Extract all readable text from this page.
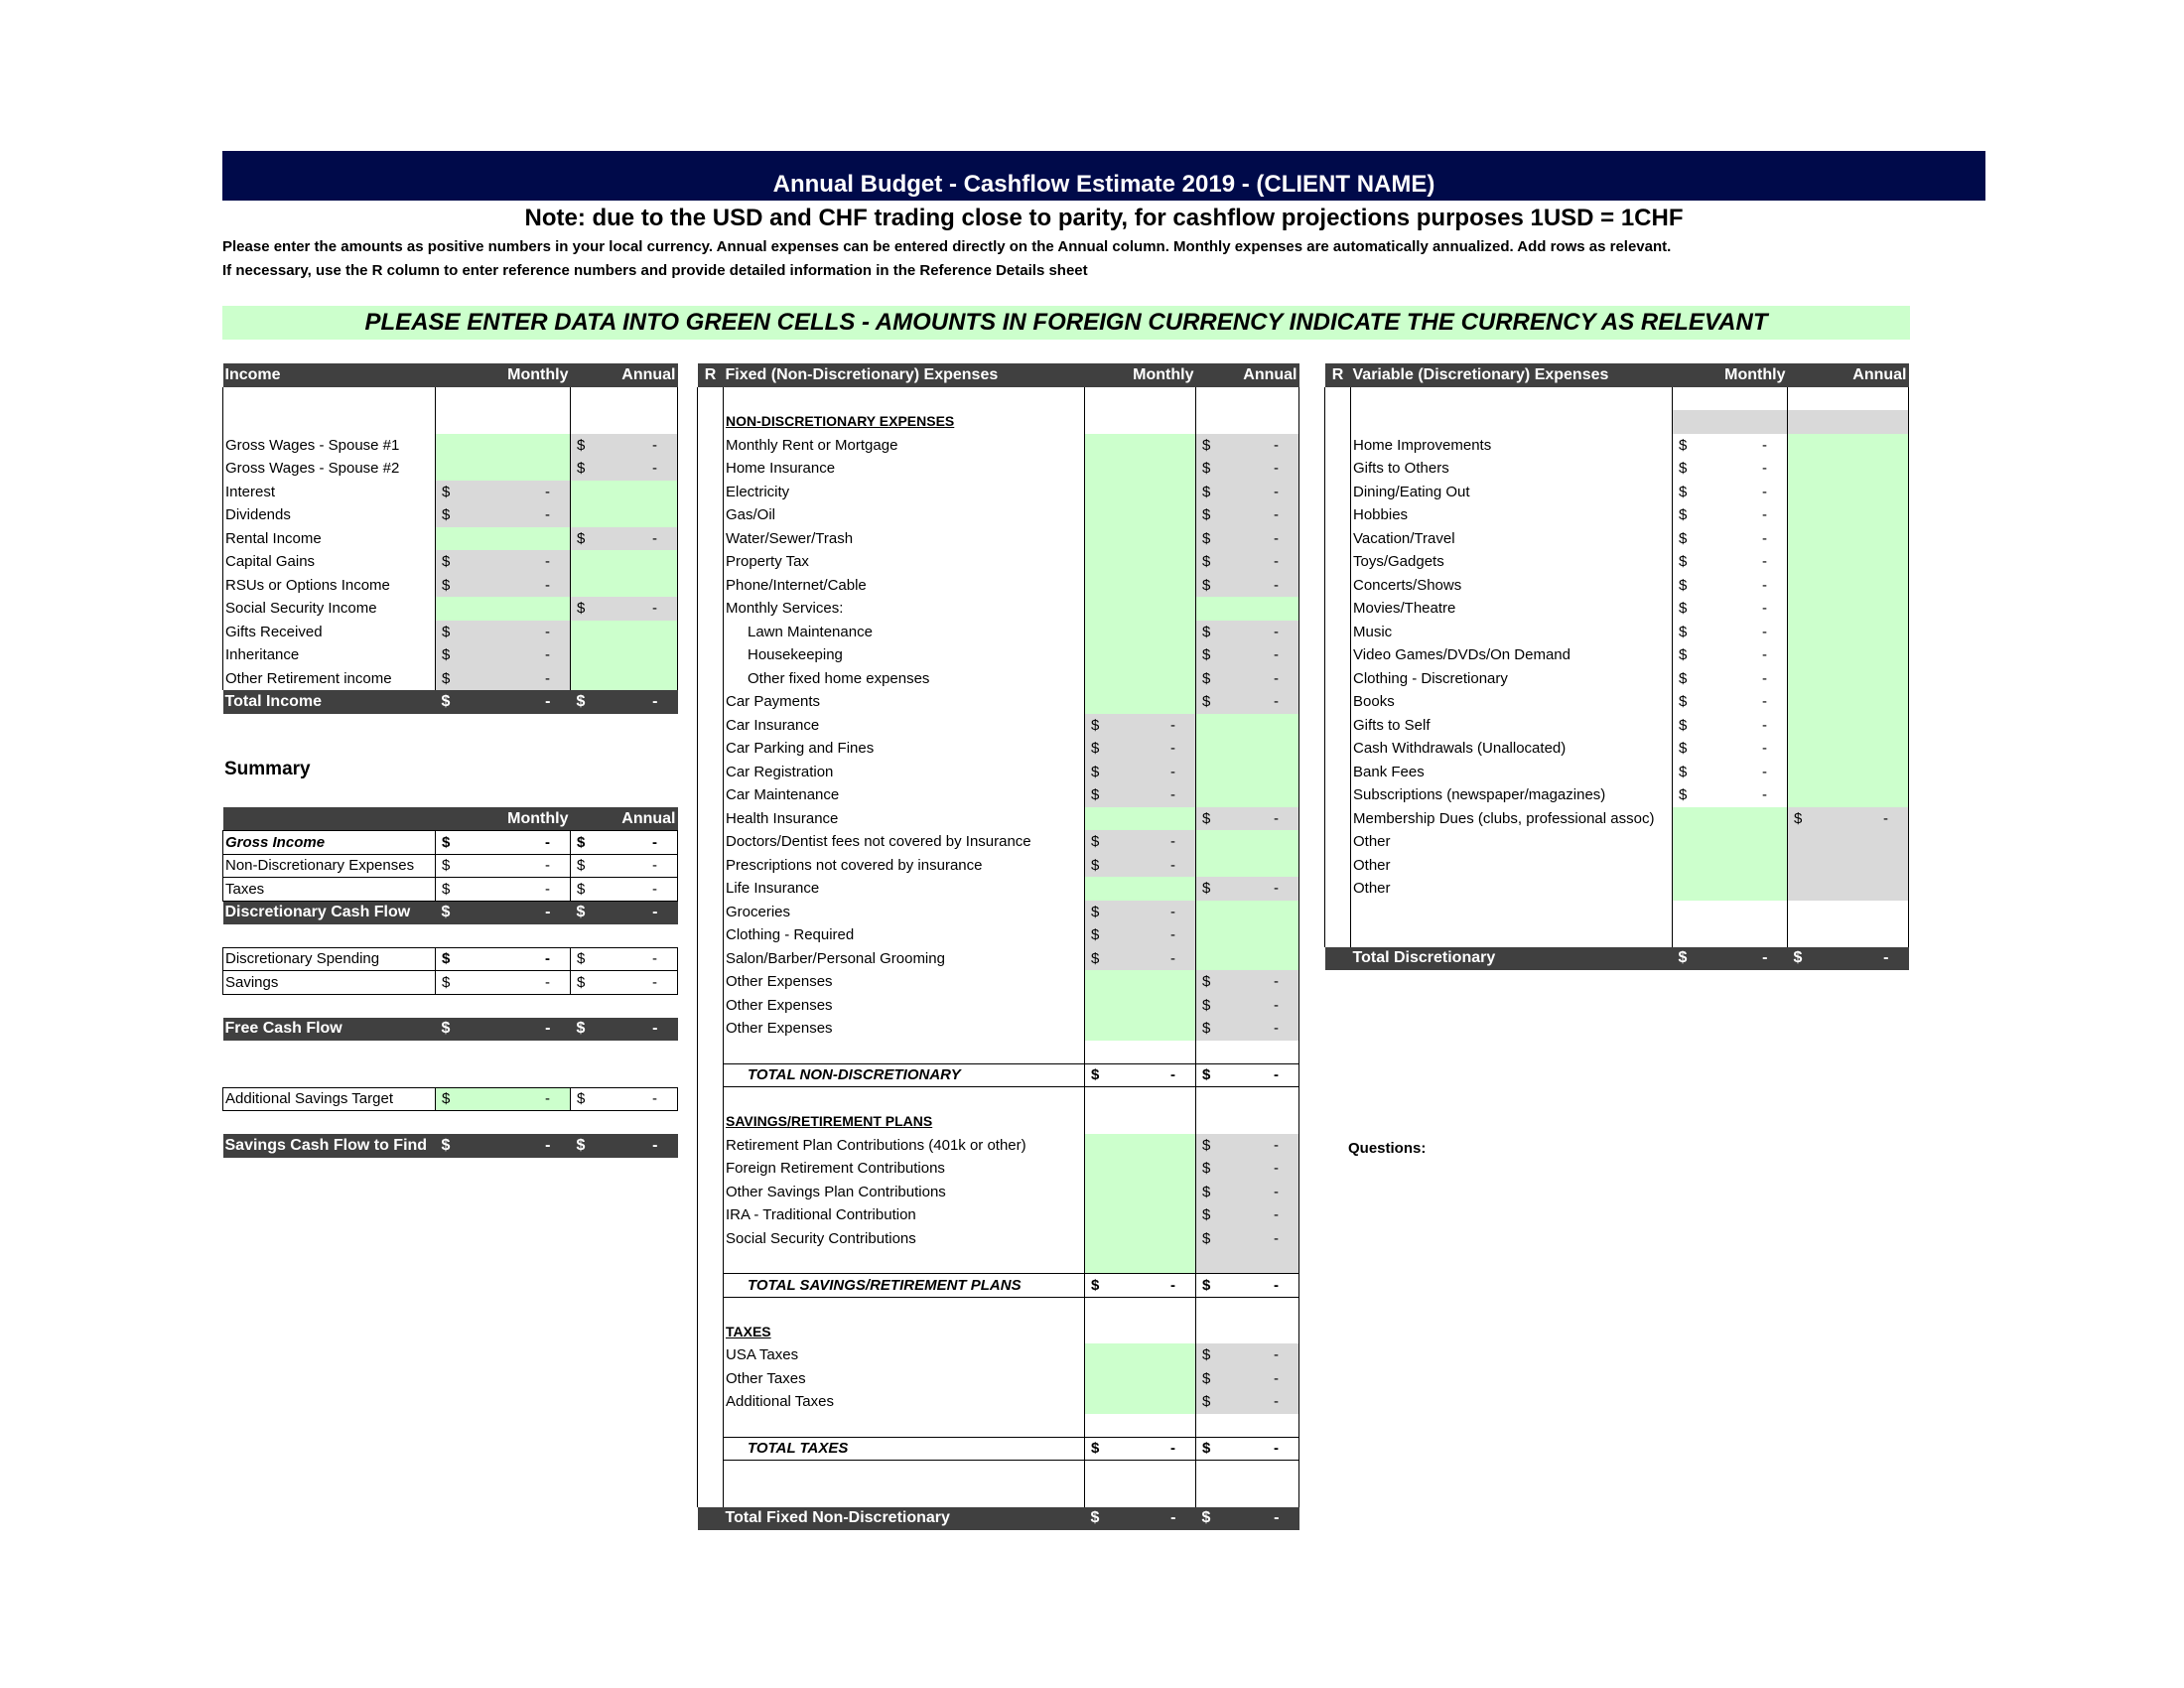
Annual Budget - Cashflow Estimate 2019 - (CLIENT NAME)
Note: due to the USD and CHF trading close to parity, for cashflow projections purposes 1USD = 1CHF
Please enter the amounts as positive numbers in your local currency. Annual expenses can be entered directly on the Annual column. Monthly expenses are automatically annualized. Add rows as relevant.
If necessary, use the R column to enter reference numbers and provide detailed information in the Reference Details sheet
PLEASE ENTER DATA INTO GREEN CELLS - AMOUNTS IN FOREIGN CURRENCY INDICATE THE CURRENCY AS RELEVANT
Income	Monthly	Annual

Gross Wages - Spouse #1		$ -

Gross Wages - Spouse #2		$ -

Interest	$ -	

Dividends	$ -	

Rental Income		$ -

Capital Gains	$ -	

RSUs or Options Income	$ -	

Social Security Income		$ -

Gifts Received	$ -	

Inheritance	$ -	

Other Retirement income	$ -	

Total Income	$ -	$ -
Summary
	Monthly	Annual
Gross Income	$ -	$ -

Non-Discretionary Expenses	$ -	$ -

Taxes	$ -	$ -

Discretionary Cash Flow	$ -	$ -

Discretionary Spending	$ -	$ -

Savings	$ -	$ -

Free Cash Flow	$ -	$ -

Additional Savings Target	$ -	$ -

Savings Cash Flow to Find	$ -	$ -
R	Fixed (Non-Discretionary) Expenses	Monthly	Annual

	NON-DISCRETIONARY EXPENSES		
	Monthly Rent or Mortgage		$ -

	Home Insurance		$ -

	Electricity		$ -

	Gas/Oil		$ -

	Water/Sewer/Trash		$ -

	Property Tax		$ -

	Phone/Internet/Cable		$ -

	Monthly Services:		
	Lawn Maintenance		$ -

	Housekeeping		$ -

	Other fixed home expenses		$ -

	Car Payments		$ -

	Car Insurance	$ -	

	Car Parking and Fines	$ -	

	Car Registration	$ -	

	Car Maintenance	$ -	

	Health Insurance		$ -

	Doctors/Dentist fees not covered by Insurance	$ -	

	Prescriptions not covered by insurance	$ -	

	Life Insurance		$ -

	Groceries	$ -	

	Clothing - Required	$ -	

	Salon/Barber/Personal Grooming	$ -	

	Other Expenses		$ -

	Other Expenses		$ -

	Other Expenses		$ -

	TOTAL NON-DISCRETIONARY	$ -	$ -

	SAVINGS/RETIREMENT PLANS		
	Retirement Plan Contributions (401k or other)		$ -

	Foreign Retirement Contributions		$ -

	Other Savings Plan Contributions		$ -

	IRA - Traditional Contribution		$ -

	Social Security Contributions		$ -

	TOTAL SAVINGS/RETIREMENT PLANS	$ -	$ -

	TAXES		
	USA Taxes		$ -

	Other Taxes		$ -

	Additional Taxes		$ -

	TOTAL TAXES	$ -	$ -

	Total Fixed Non-Discretionary	$ -	$ -
R	Variable (Discretionary) Expenses	Monthly	Annual

	Home Improvements	$ -	

	Gifts to Others	$ -	

	Dining/Eating Out	$ -	

	Hobbies	$ -	

	Vacation/Travel	$ -	

	Toys/Gadgets	$ -	

	Concerts/Shows	$ -	

	Movies/Theatre	$ -	

	Music	$ -	

	Video Games/DVDs/On Demand	$ -	

	Clothing - Discretionary	$ -	

	Books	$ -	

	Gifts to Self	$ -	

	Cash Withdrawals (Unallocated)	$ -	

	Bank Fees	$ -	

	Subscriptions (newspaper/magazines)	$ -	

	Membership Dues (clubs, professional assoc)		$ -

	Other		
	Other		
	Other		

	Total Discretionary	$ -	$ -
Questions:
